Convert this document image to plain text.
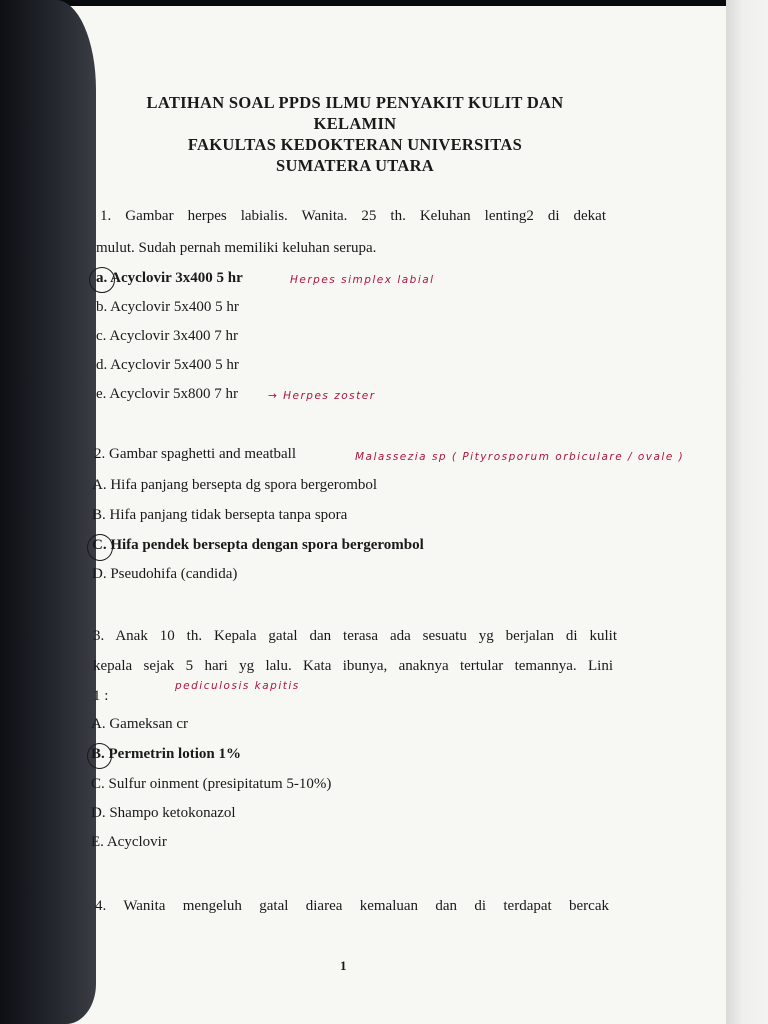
LATIHAN SOAL PPDS ILMU PENYAKIT KULIT DAN
KELAMIN
FAKULTAS KEDOKTERAN UNIVERSITAS
SUMATERA UTARA
1. Gambar herpes labialis. Wanita. 25 th. Keluhan lenting2 di dekat
mulut. Sudah pernah memiliki keluhan serupa.
a. Acyclovir 3x400 5 hr	Herpes simplex labial
b. Acyclovir 5x400 5 hr
c. Acyclovir 3x400 7 hr
d. Acyclovir 5x400 5 hr
e. Acyclovir 5x800 7 hr	→ Herpes zoster
2. Gambar spaghetti and meatball	Malassezia sp ( Pityrosporum orbiculare / ovale )
A. Hifa panjang bersepta dg spora bergerombol
B. Hifa panjang tidak bersepta tanpa spora
C. Hifa pendek bersepta dengan spora bergerombol
D. Pseudohifa (candida)
3. Anak 10 th. Kepala gatal dan terasa ada sesuatu yg berjalan di kulit
kepala sejak 5 hari yg lalu. Kata ibunya, anaknya tertular temannya. Lini
1 :
pediculosis kapitis
A. Gameksan cr
B. Permetrin lotion 1%
C. Sulfur oinment (presipitatum 5-10%)
D. Shampo ketokonazol
E. Acyclovir
4. Wanita mengeluh gatal diarea kemaluan dan di terdapat bercak
1
